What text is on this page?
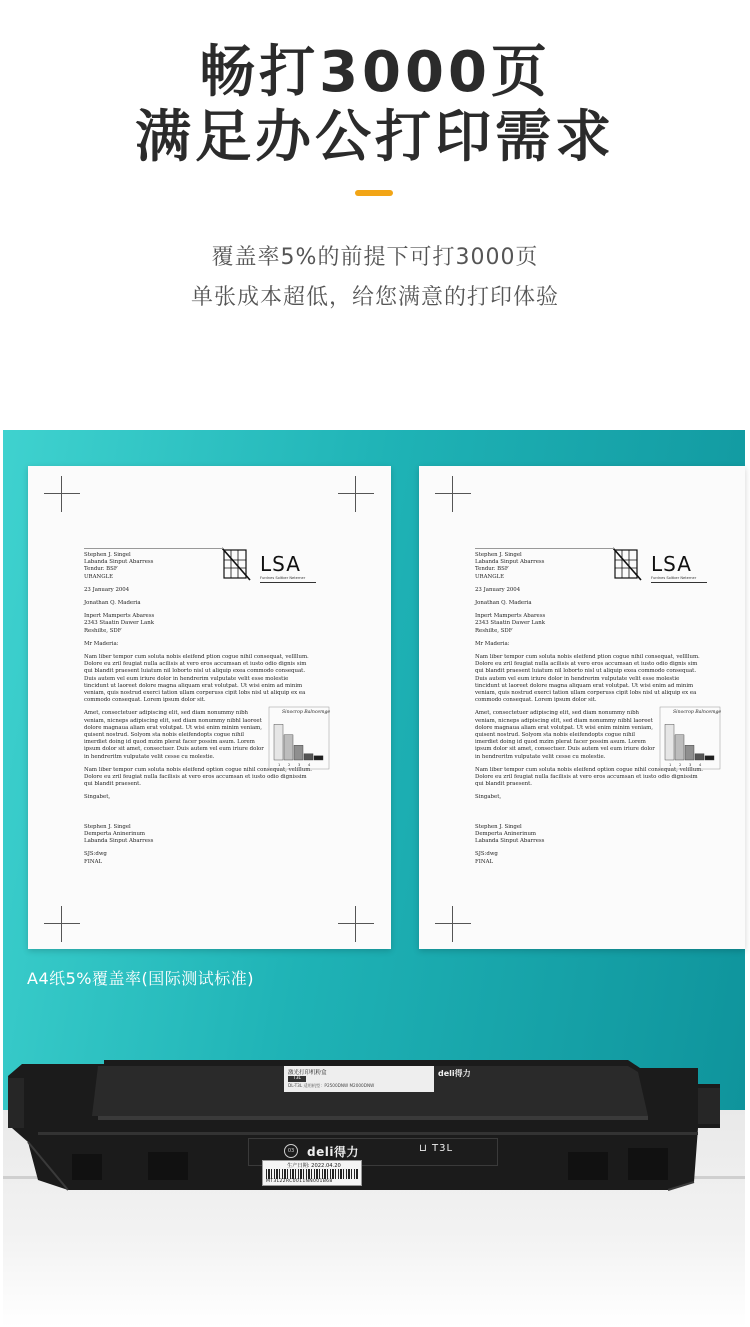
畅打3000页
满足办公打印需求
覆盖率5%的前提下可打3000页
单张成本超低，给您满意的打印体验
LSA
Furdnes Soltber Neterner

Stephen J. Singel
Labanda Sinput Abarress
Tendur. BSF
URANGLE

23 January 2004

Jonathan Q. Maderia

Inpert Mamperts Abaress
2343 Staatin Dawer Lank
Reshilte, SDF

Mr Maderia:

Nam liber tempor cum soluta nobis eleifend ption cogue nihil consequat, vellllum. Dolore eu zril feugiat nulla acilisis at vero eros accumsan et iusto odio dignis sim qui blandit praesent luiatum nil loborto nisl ut aliquip exea commodo consequat. Duis autem vel eum iriure dolor in hendrerim vulputate velit esse molestie tincidunt ut laoreet dolore magna aliquam erat volutpat. Ut wisi enim ad minim veniam, quis nostrud exerci tation ullam corperuss cipit lobs nisl ut aliquip ex ea commodo consequat. Lorem ipsum dolor sit.

Amet, consectetuer adipiscing elit, sed diam nonummy nibh veniam, nicneps adipiscing elit, sed diam nonummy nibhl laoreet dolore magnaua aliam erat volutpat. Ut wisi enim minim veniam, quisent nostrud. Solyom sta nobis eleifendopts cogue nihil imerdiet doing id quod mzim plerat facer possim asum. Lorem ipsum dolor sit amet, consectuer. Duis autem vel eum iriure dolor in hendreritm vulputate velit cesse cu molestie.

Nam liber tempor cum soluta nobis eleifend option cogue nihil consequat, velillum. Dolore eu zril feugiat nulla facilisis at vero eros accumsan et iusto odio dignissim qui blandit praesent.

Singabet,

Stephen J. Singel
Demperta Aninerinum
Labanda Sinput Abarress

SJS:dwg
FINAL

1 2 3 4
Sinocrop Balncemge
LSA
Furdnes Soltber Neterner

Stephen J. Singel
Labanda Sinput Abarress
Tendur. BSF
URANGLE

23 January 2004

Jonathan Q. Maderia

Inpert Mamperts Abaress
2343 Staatin Dawer Lank
Reshilte, SDF

Mr Maderia:

Nam liber tempor cum soluta nobis eleifend ption cogue nihil consequat, vellllum. Dolore eu zril feugiat nulla acilisis at vero eros accumsan et iusto odio dignis sim qui blandit praesent luiatum nil loborto nisl ut aliquip exea commodo consequat. Duis autem vel eum iriure dolor in hendrerim vulputate velit esse molestie tincidunt ut laoreet dolore magna aliquam erat volutpat. Ut wisi enim ad minim veniam, quis nostrud exerci tation ullam corperuss cipit lobs nisl ut aliquip ex ea commodo consequat. Lorem ipsum dolor sit.

Amet, consectetuer adipiscing elit, sed diam nonummy nibh veniam, nicneps adipiscing elit, sed diam nonummy nibhl laoreet dolore magnaua aliam erat volutpat. Ut wisi enim minim veniam, quisent nostrud. Solyom sta nobis eleifendopts cogue nihil imerdiet doing id quod mzim plerat facer possim asum. Lorem ipsum dolor sit amet, consectuer. Duis autem vel eum iriure dolor in hendreritm vulputate velit cesse cu molestie.

Nam liber tempor cum soluta nobis eleifend option cogue nihil consequat, velillum. Dolore eu zril feugiat nulla facilisis at vero eros accumsan et iusto odio dignissim qui blandit praesent.

Singabet,

Stephen J. Singel
Demperta Aninerinum
Labanda Sinput Abarress

SJS:dwg
FINAL

1 2 3 4
Sinocrop Balncemge
A4纸5%覆盖率(国际测试标准)
激光打印机粉盒
T3L
DL-T3L 适用机型：P2500DNW M2000DNW
deli得力
03	deli得力	⊔ T3L
生产日期: 2022.04.20
MT3L22RC0011NN001B68
